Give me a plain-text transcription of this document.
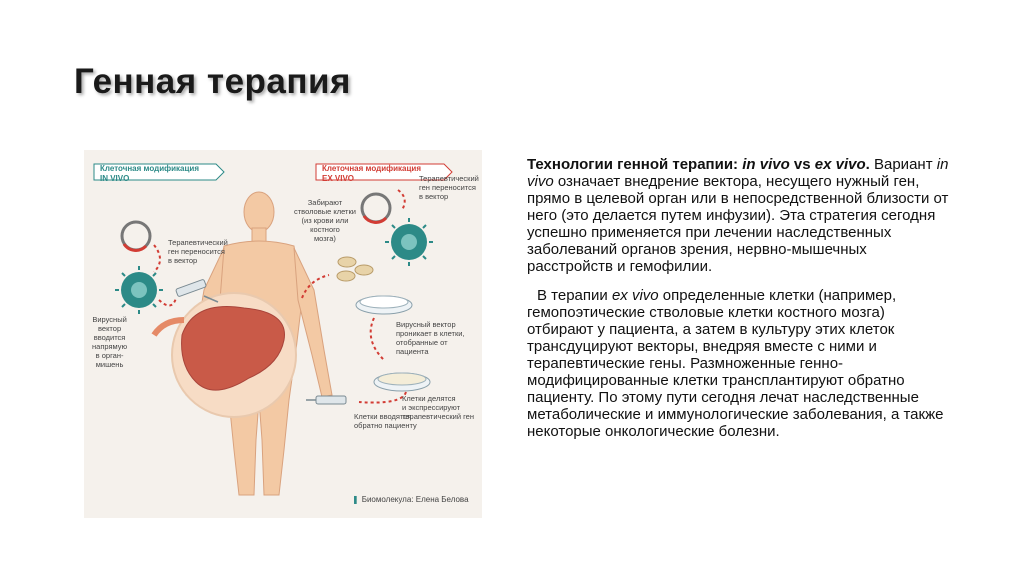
Генная терапия
Клеточная модификация
IN VIVO
Клеточная модификация
EX VIVO
Терапевтический
ген переносится
в вектор
Вирусный
вектор
вводится
напрямую
в орган-
мишень
Забирают
стволовые клетки
(из крови или
костного
мозга)
Терапевтический
ген переносится
в вектор
Вирусный вектор
проникает в клетки,
отобранные от пациента
Клетки делятся
и экспрессируют
терапевтический ген
Клетки вводятся
обратно пациенту
❚ Биомолекула: Елена Белова

Технологии генной терапии: in vivo vs ex vivo. Вариант in vivo означает внедрение вектора, несущего нужный ген, прямо в целевой орган или в непосредственной близости от него (это делается путем инфузии). Эта стратегия сегодня успешно применяется при лечении наследственных заболеваний органов зрения, нервно-мышечных расстройств и гемофилии.

В терапии ex vivo определенные клетки (например, гемопоэтические стволовые клетки костного мозга) отбирают у пациента, а затем в культуру этих клеток трансдуцируют векторы, внедряя вместе с ними и терапевтические гены. Размноженные генно-модифицированные клетки трансплантируют обратно пациенту. По этому пути сегодня лечат наследственные метаболические и иммунологические заболевания, а также некоторые онкологические болезни.
